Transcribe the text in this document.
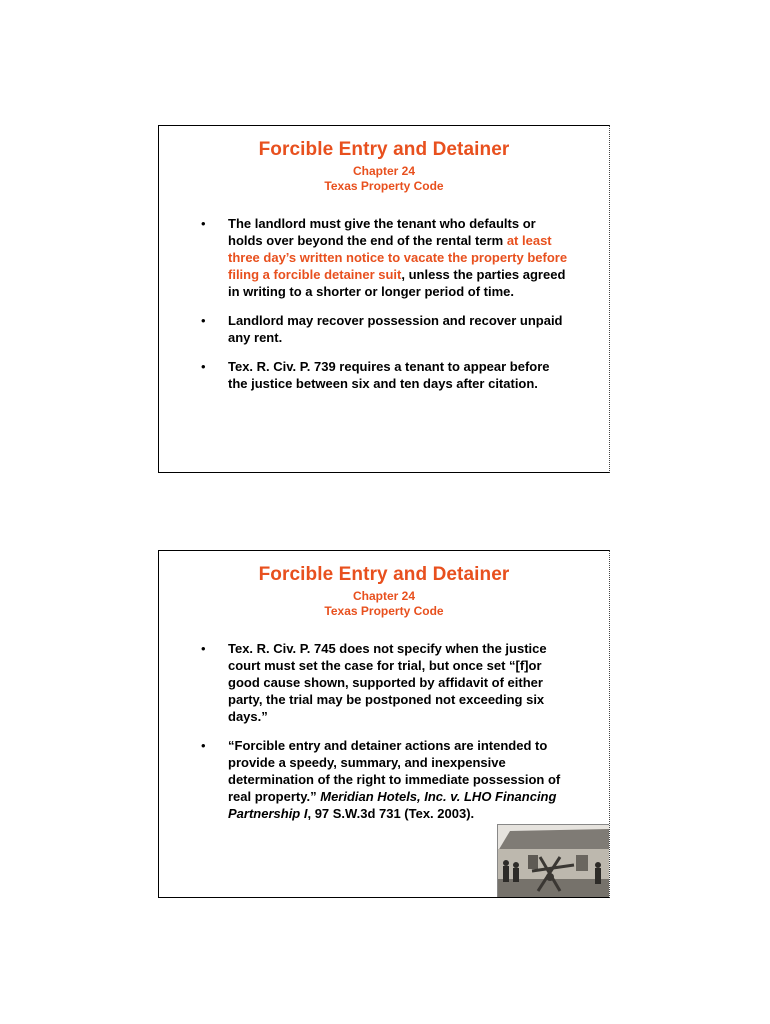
Forcible Entry and Detainer
Chapter 24
Texas Property Code
• The landlord must give the tenant who defaults or holds over beyond the end of the rental term at least three day’s written notice to vacate the property before filing a forcible detainer suit, unless the parties agreed in writing to a shorter or longer period of time.
• Landlord may recover possession and recover unpaid any rent.
• Tex. R. Civ. P. 739 requires a tenant to appear before the justice between six and ten days after citation.
Forcible Entry and Detainer
Chapter 24
Texas Property Code
• Tex. R. Civ. P. 745 does not specify when the justice court must set the case for trial, but once set “[f]or good cause shown, supported by affidavit of either party, the trial may be postponed not exceeding six days.”
• “Forcible entry and detainer actions are intended to provide a speedy, summary, and inexpensive determination of the right to immediate possession of real property.” Meridian Hotels, Inc. v. LHO Financing Partnership I, 97 S.W.3d 731 (Tex. 2003).
